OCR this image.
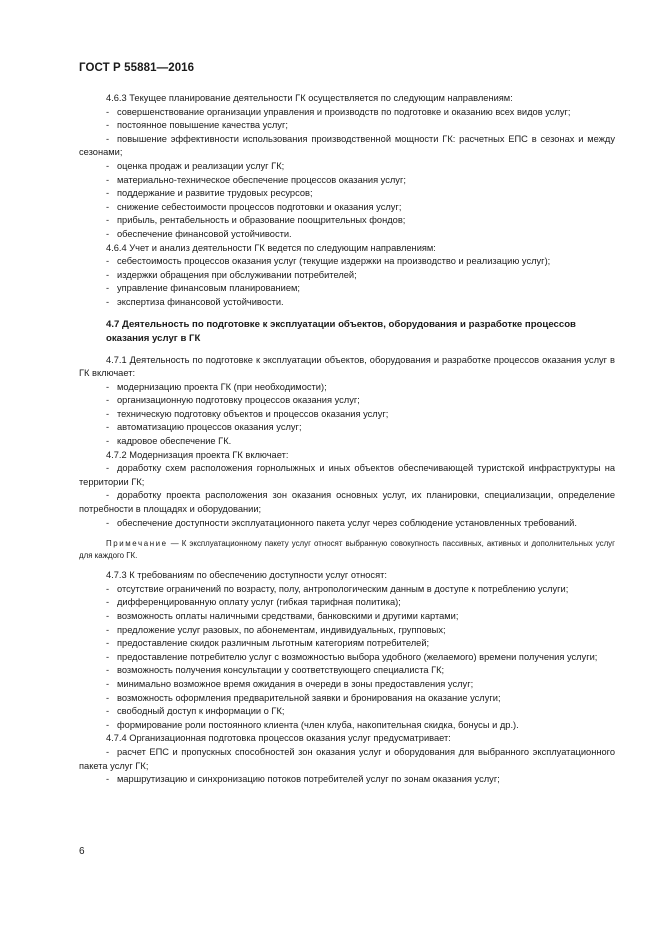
ГОСТ Р 55881—2016

4.6.3 Текущее планирование деятельности ГК осуществляется по следующим направлениям:

- совершенствование организации управления и производств по подготовке и оказанию всех видов услуг;

- постоянное повышение качества услуг;

- повышение эффективности использования производственной мощности ГК: расчетных ЕПС в сезонах и между сезонами;

- оценка продаж и реализации услуг ГК;

- материально-техническое обеспечение процессов оказания услуг;

- поддержание и развитие трудовых ресурсов;

- снижение себестоимости процессов подготовки и оказания услуг;

- прибыль, рентабельность и образование поощрительных фондов;

- обеспечение финансовой устойчивости.

4.6.4 Учет и анализ деятельности ГК ведется по следующим направлениям:

- себестоимость процессов оказания услуг (текущие издержки на производство и реализацию услуг);

- издержки обращения при обслуживании потребителей;

- управление финансовым планированием;

- экспертиза финансовой устойчивости.

4.7 Деятельность по подготовке к эксплуатации объектов, оборудования и разработке процессов оказания услуг в ГК

4.7.1 Деятельность по подготовке к эксплуатации объектов, оборудования и разработке процессов оказания услуг в ГК включает:

- модернизацию проекта ГК (при необходимости);

- организационную подготовку процессов оказания услуг;

- техническую подготовку объектов и процессов оказания услуг;

- автоматизацию процессов оказания услуг;

- кадровое обеспечение ГК.

4.7.2 Модернизация проекта ГК включает:

- доработку схем расположения горнолыжных и иных объектов обеспечивающей туристской инфраструктуры на территории ГК;

- доработку проекта расположения зон оказания основных услуг, их планировки, специализации, определение потребности в площадях и оборудовании;

- обеспечение доступности эксплуатационного пакета услуг через соблюдение установленных требований.

Примечание — К эксплуатационному пакету услуг относят выбранную совокупность пассивных, активных и дополнительных услуг для каждого ГК.

4.7.3 К требованиям по обеспечению доступности услуг относят:

- отсутствие ограничений по возрасту, полу, антропологическим данным в доступе к потреблению услуги;

- дифференцированную оплату услуг (гибкая тарифная политика);

- возможность оплаты наличными средствами, банковскими и другими картами;

- предложение услуг разовых, по абонементам, индивидуальных, групповых;

- предоставление скидок различным льготным категориям потребителей;

- предоставление потребителю услуг с возможностью выбора удобного (желаемого) времени получения услуги;

- возможность получения консультации у соответствующего специалиста ГК;

- минимально возможное время ожидания в очереди в зоны предоставления услуг;

- возможность оформления предварительной заявки и бронирования на оказание услуги;

- свободный доступ к информации о ГК;

- формирование роли постоянного клиента (член клуба, накопительная скидка, бонусы и др.).

4.7.4 Организационная подготовка процессов оказания услуг предусматривает:

- расчет ЕПС и пропускных способностей зон оказания услуг и оборудования для выбранного эксплуатационного пакета услуг ГК;

- маршрутизацию и синхронизацию потоков потребителей услуг по зонам оказания услуг;

6
